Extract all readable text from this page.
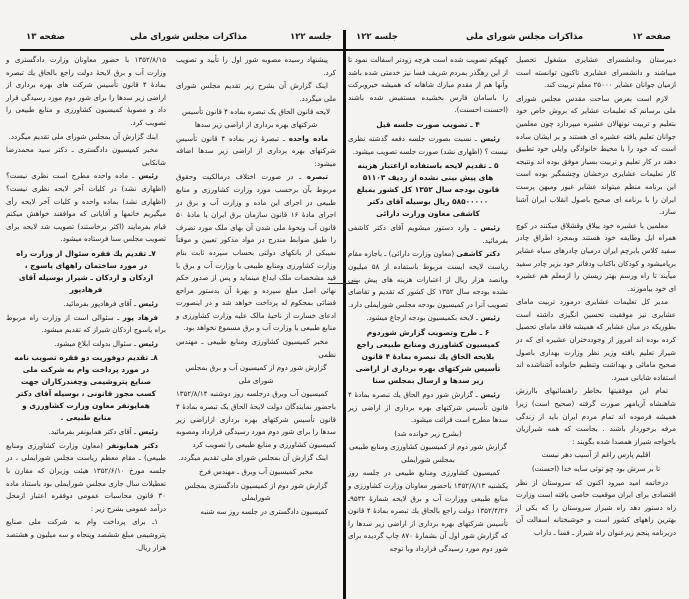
صفحه ۱۳	مذاکرات مجلس شورای ملی	جلسه ۱۲۲

پیشنهاد رسیده مصوبه شور اول را تأیید و تصویب کرد.

اینک گزارش آن بشرح زیر تقدیم مجلس شورای ملی میگردد.

لایحه قانون الحاق یک تبصره بماده ۴ قانون تأسیس شرکتهای بهره برداری از اراضی زیر سدها

ماده واحده ـ تبصرهٔ زیر بماده ۴ قانون تأسیس شرکتهای بهره برداری از اراضی زیر سدها اضافه میشود:

تبصره ـ در صورت اختلاف درمالکیت وحقوق مربوط بآن برحسب مورد وزارت کشاورزی و منابع طبیعی در اجرای این ماده و وزارت آب و برق در اجرای مادهٔ ۱۶ قانون سازمان برق ایران یا مادهٔ ۵۰ قانون آب ونحوهٔ ملی شدن آن بهای ملک مورد تصرف را طبق ضوابط مندرج در مواد مذکور تعیین و موقتاً نمیبکی از بانکهای دولتی بحساب سپرده ثابت بنام وزارت کشاورزی ومنابع طبیعی یا وزارت آب و برق با قید مشخصات ملک ایداع مینماید و پس از صدور حکم نهائی اصل مبلغ سپرده و بهرهٔ آن بدستور مراجع قضائی بمحکوم له پرداخت خواهد شد و در اینصورت ادعای خسارت از ناحیهٔ مالک علیه وزارت کشاورزی و منابع طبیعی یا وزارت آب و برق مسموع نخواهد بود.

مخبر کمیسیون کشاورزی ومنابع طبیعی ـ مهندس نظمی

گزارش شور دوم از کمیسیون آب و برق بمجلس شورای ملی

کمیسیون آب وبرق درجلسه روز دوشنبه ۱۳۵۲/۸/۱۴ باحضور نمایندگان دولت لایحهٔ الحاق یک تبصره بمادهٔ ۴ قانون تأسیس شرکتهای بهره برداری ازاراضی زیر سدها را برای شور دوم مورد رسیدگی قرارداد ومصوبه کمیسیون کشاورزی و منابع طبیعی را تصویب کرد

اینک گزارش آن بمجلس شورای ملی تقدیم میگردد.

مخبر کمیسیون آب وبرق ـ مهندس فرخ

گزارش شور دوم از کمیسیون دادگستری بمجلس شورایملی

کمیسیون دادگستری در جلسه روز سه شنبه

۱۳۵۲/۸/۱۵ با حضور معاونان وزارت دادگستری و وزارت آب و برق لایحهٔ دولت راجع بالحاق یك تبصره بمادهٔ ۴ قانون تأسیس شرکت های بهره برداری از اراضی زیر سدها را برای شور دوم مورد رسیدگی قرار داد و مصوبهٔ کمیسیون کشاورزی و منابع طبیعی را تصویب کرد.

اینك گزارش آن بمجلس شورای ملی تقدیم میگردد.

مخبر کمیسیون دادگستری ـ دکتر سید محمدرضا شانکابی

رئیس ـ ماده واحده مطرح است نظری نیست؟ (اظهاری نشد) در کلیات آخر لایحه نظری نیست؟ (اظهاری نشد) بماده واحده و کلیات آخر لایحه رأی میگیریم خانمها و آقایانی که موافقند خواهش میکنم قیام بفرمایند (اکثر برخاستند) تصویب شد لایحه برای تصویب مجلس سنا فرستاده میشود.

۷ـ تقدیم یك فقره سئوال از وزارت راه در مورد ساختمان راههای یاسوج ، اردکان و اردکان ـ شیراز بوسیله آقای فرهادپور

رئیس ـ آقای فرهادپور بفرمائید.

فرهاد پور ـ سئوالی است از وزارت راه مربوط براه یاسوج اردکان شیراز که تقدیم میشود.

رئیس ـ سئوال بدولت ابلاغ میشود.

۸ـ تقدیم دوفوریت دو فقره تصویب نامه در مورد پرداخت وام به شرکت ملی صنایع پتروشیمی وچغندرکاران جهت کسب مجوز قانونی ، بوسیله آقای دکتر همایونفر معاون وزارت کشاورزی و منابع طبیعی .

رئیس ـ آقای دکتر همایونفر بفرمائید.

دکتر همایونفر (معاون وزارت کشاورزی ومنابع طبیعی) ـ مقام معظم ریاست مجلس شورایملی ، در جلسه مورخ ۱۳۵۲/۶/۱۰ هیئت وزیران که مقارن با تعطیلات سال جاری مجلس شورایملی بود باستناد ماده ۳۰ قانون محاسبات عمومی دوفقره اعتبار ازمحل درآمد عمومی بشرح زیر :

۱ـ برای پرداخت وام به شرکت ملی صنایع پتروشیمی مبلغ ششصد وپنجاه و سه میلیون و هشتصد هزار ریال.

جلسه ۱۲۲	مذاکرات مجلس شورای ملی	صفحه ۱۲

دبیرستان ودانشسرای عشایری مشغول تحصیل میباشند و دانشسرای عشایری تاکنون توانسته است ازمیان جوانان عشایر ۲۵۰۰۰ معلم تربیت کند.

لازم است بعرض ساحت مقدس مجلس شورای ملی برسانم که تعلیمات عشایر که بروش خاص خود بتعلیم و تربیت نونهالان عشیره میپردازد چون معلمین جوانان تعلیم یافته عشیره ای هستند و بر ایشان ساده است که خود را با محیط خانوادگی وایلی خود تطبیق دهند در کار تعلیم و تربیت بسیار موفق بوده اند ونتیجه کار تعلیمات عشایری درخشان وچشمگیر بوده است این برنامه منظم میتواند عشایر غیور ومیهن پرست ایران را با برنامه ای صحیح باصول انقلاب ایران آشنا سازد.

معلمین با عشیره خود ییلاق وقشلاق میکنند در کوچ همراه ایل وطایفه خود هستند وبمجرد اطراق چادر سفید کلاس بابرچم ایران درمیان چادرهای سیاه عشایر برپامیشود و کودکان باکتاب ودفاتر خود بزیر چادر سفید میآیند تا راه ورسم بهتر زیستن را ازمعلم هم عشیره ای خود بیاموزند.

مدیر کل تعلیمات عشایری درمورد تربیت مامای عشایری نیز موفقیت تحسین انگیزی داشته است بطوریکه در میان عشایر که همیشه فاقد مامای تحصیل کرده بوده اند امروز از وجوددختران عشیره ای که در شیراز تعلیم یافته وزیر نظر وزارت بهداری باصول صحیح مامائی و بهداشت وتنظیم خانواده آشناشده اند استفاده شایانی میبرد.

تمام این موفقیتها بخاطر راهنمائیهای باارزش شاهنشاه آریامهر صورت گرفته (صحیح است) زیرا همیشه فرموده اند تمام مردم ایران باید از زندگی مرفه برخوردار باشند . بجاست که همه شیرازیان باخواجه شیراز همصدا شده بگویند :

اقلیم پارس راغم از آسیب دهر نیست

تا بر سرش بود چو توئی سایه خدا (احسنت)

درخاتمه امید میرود اکنون که سروستان از نظر اقتصادی برای ایران موقعیت خاصی یافته است وزارت راه دستور دهد راه شیراز سروستان را که یکی از بهترین راههای کشور است و خوشبختانه اسفالت آن دربرنامه پنجم زیرعنوان راه شیراز ـ فسا ـ داراب

کههکم تصویب شده است هرچه زودتر اسفالت نمود تا از این رهگذر بمردم شریف فسا نیز خدمتی شده باشد وآنها هم از مقدم مبارك شاهانه که همیشه خیروبرکت را باسامان فارس بخشیده مستفیض شده باشند (احسنت احسنت).

۴ ـ تصویب صورت جلسه قبل

رئیس ـ نسبت بصورت جلسه دفعه گذشته نظری نیست ؟ (اظهاری نشد) صورت جلسه تصویب میشود.

۵ ـ تقدیم لایحه باستفاده ازاعتبار هزینه های پیش بینی نشده از ردیف ۵۱۱۰۳ قانون بودجه سال ۱۳۵۲ کل کشور بمبلغ ۵۸۵۰۰۰۰۰ ریال بوسیله آقای دکتر کاشفی معاون وزارت دارائی

رئیس ـ وارد دستور میشویم آقای دکتر کاشفی بفرمائید.

دکتر کاشفی (معاون وزارت دارائی) ـ باجازه مقام ریاست لایحه ایست مربوط باستفاده از ۵۸ میلیون وپانصد هزار ریال از اعتبارات هزینه های پیش بینی نشده بودجه سال ۱۳۵۲ کل کشور که تقدیم و تقاضای تصویب آنرا در کمیسیون بودجه مجلس شورایملی دارد.

رئیس ـ لایحه بکمیسیون بودجه ارجاع میشود.

۶ ـ طرح وتصویب گزارش شوردوم کمیسیون کشاورزی ومنابع طبیعی راجع بلایحه الحاق یك تبصره بمادهٔ ۴ قانون تأسیس شرکتهای بهره برداری از اراضی زیر سدها و ارسال بمجلس سنا

رئیس ـ گزارش شور دوم الحاق یك تبصره بمادهٔ ۴ قانون تأسیس شرکتهای بهره برداری از اراضی زیر سدها مطرح است قرائت میشود.

(بشرح زیر خوانده شد)

گزارش شور دوم از کمیسیون کشاورزی ومنابع طبیعی بمجلس شورایملی

کمیسیون کشاورزی ومنابع طبیعی در جلسه روز یکشنبه ۱۳۵۲/۸/۱۳ باحضور معاونان وزارت کشاورزی و منابع طبیعی ووزارت آب و برق لایحه شمارهٔ ۹۵۳۲ـ ۱۳۵۲/۴/۲۶ دولت راجع بالحاق یك تبصره بمادهٔ ۴ قانون تأسیس شرکتهای بهره برداری از اراضی زیر سدها را که گزارش شور اول آن بشمارهٔ ۸۷۰ چاپ گردیده برای شور دوم مورد رسیدگی قرارداد وبا توجه
